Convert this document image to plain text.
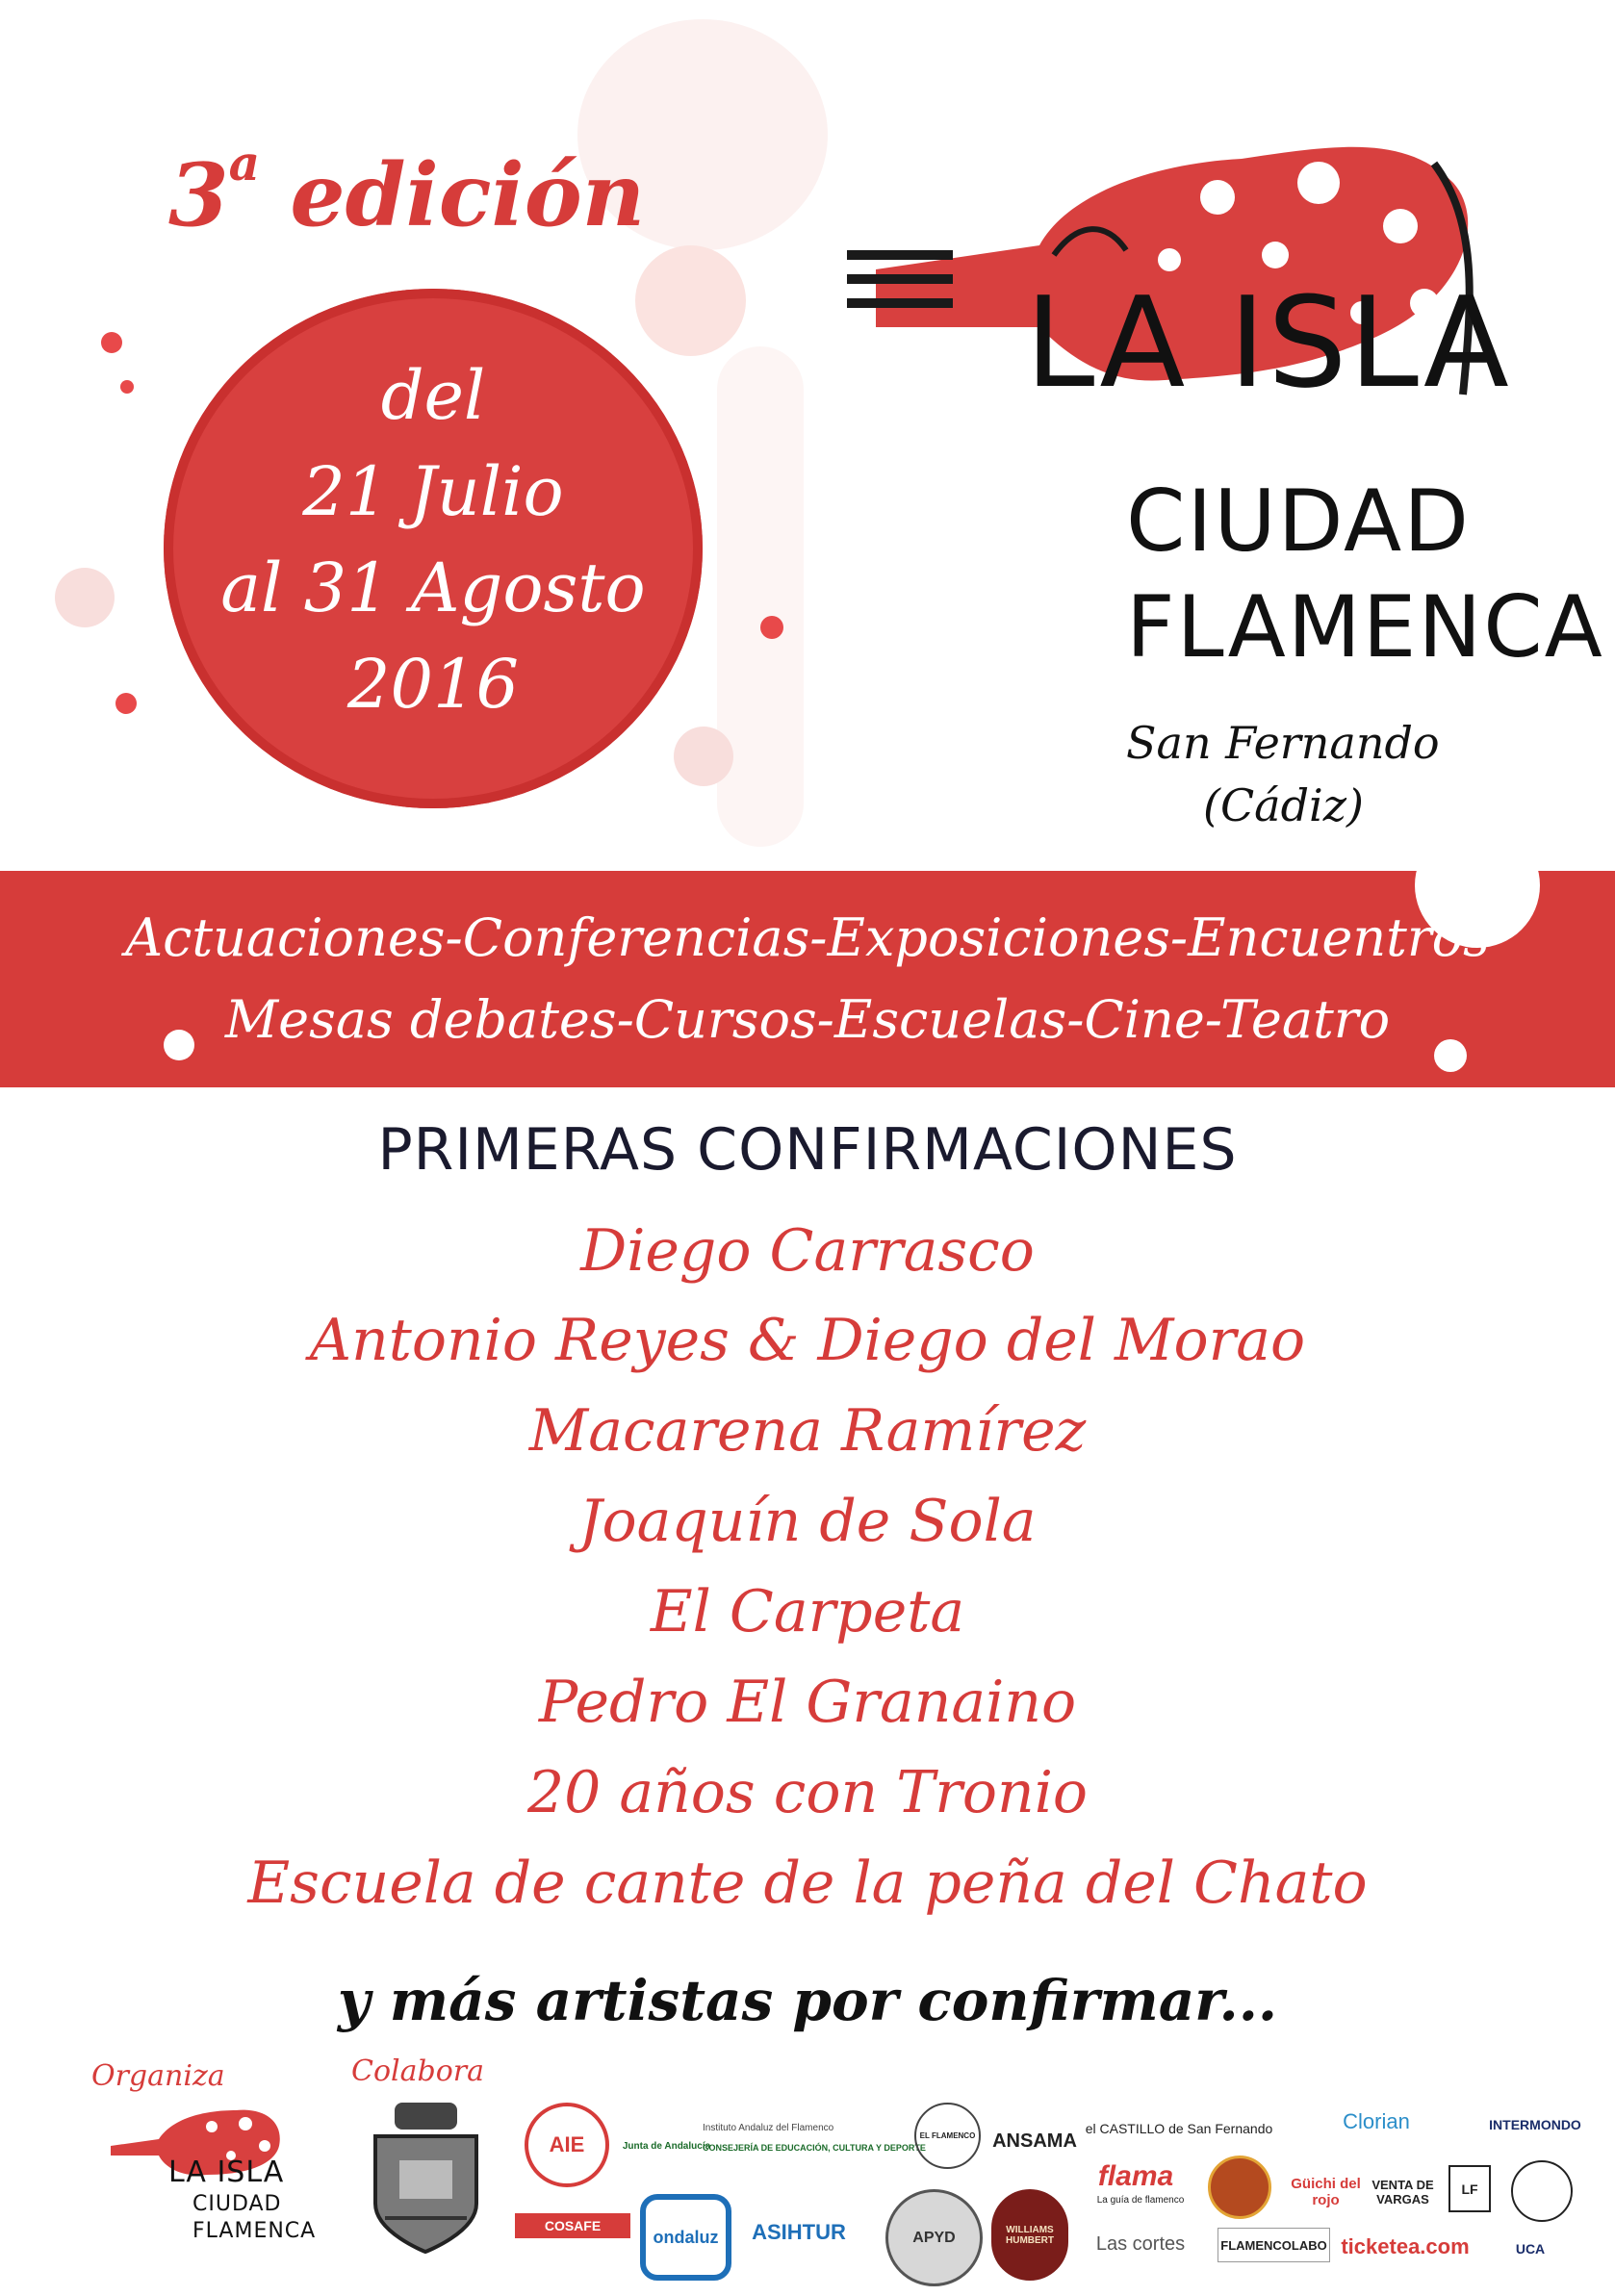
3$^a$ edición
del
21 Julio
al 31 Agosto
2016
LA ISLA
CIUDAD
FLAMENCA
San Fernando
(Cádiz)
Actuaciones-Conferencias-Exposiciones-Encuentros
Mesas debates-Cursos-Escuelas-Cine-Teatro
PRIMERAS CONFIRMACIONES
Diego Carrasco
Antonio Reyes & Diego del Morao
Macarena Ramírez
Joaquín de Sola
El Carpeta
Pedro El Granaino
20 años con Tronio
Escuela de cante de la peña del Chato
y más artistas por confirmar...
Organiza	Colabora
LA ISLA
CIUDAD
FLAMENCA
AIE
COSAFE
Junta de Andalucía
Instituto Andaluz del Flamenco
CONSEJERÍA DE EDUCACIÓN, CULTURA Y DEPORTE
ondaluz ASIHTUR
EL FLAMENCO
APYD
ANSAMA
WILLIAMS HUMBERT
el CASTILLO de San Fernando
flama
La guía de flamenco
Las cortes	FLAMENCOLABO
Clorian
Güichi del rojo
VENTA DE VARGAS
ticketea.com
LF
INTERMONDO
UCA
